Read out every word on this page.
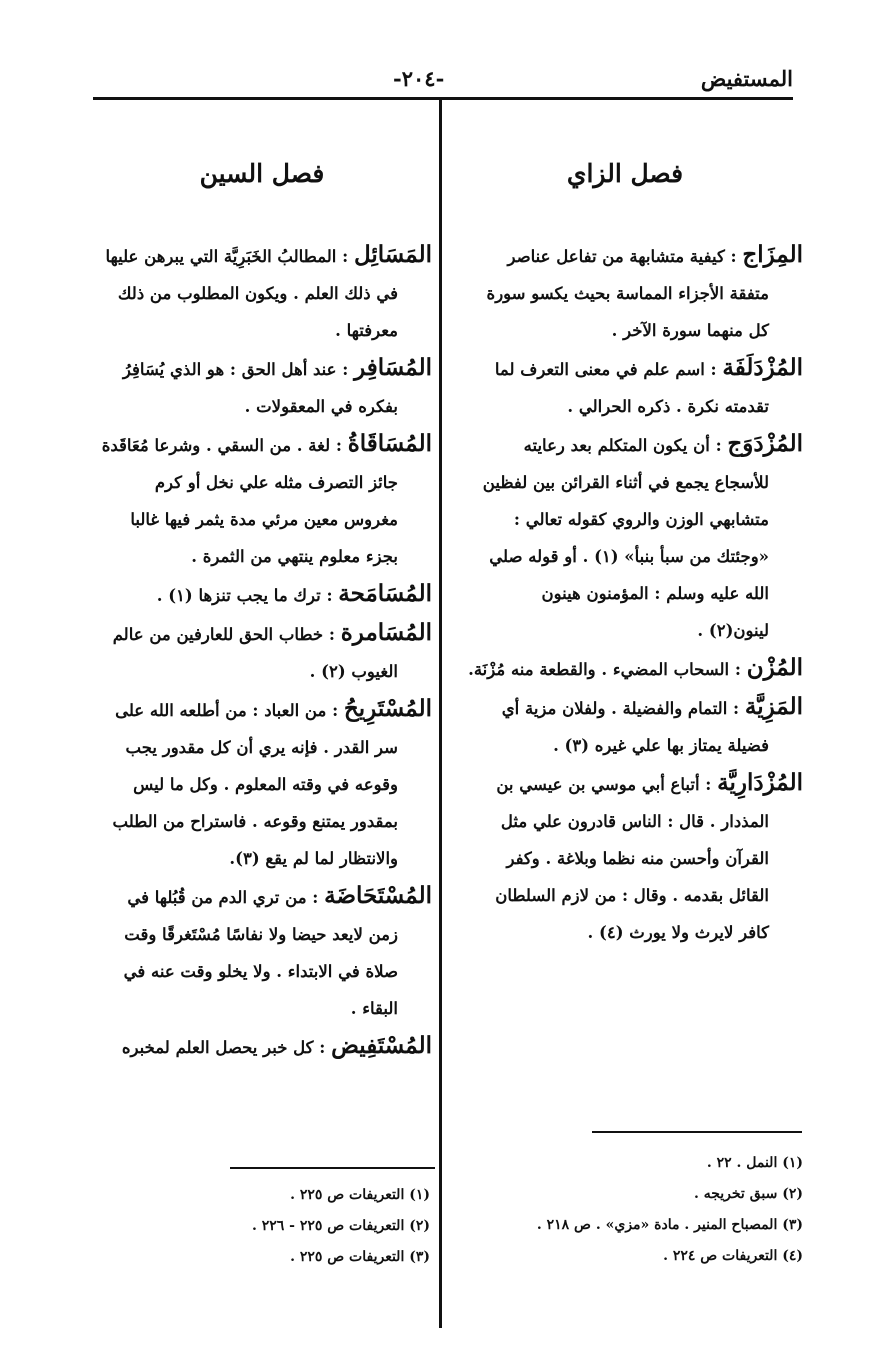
المستفيض
-٢٠٤-
فصل الزاي
المِزَاج : كيفية متشابهة من تفاعل عناصر
متفقة الأجزاء المماسة بحيث يكسو سورة
كل منهما سورة الآخر .
المُزْدَلَفَة : اسم علم في معنى التعرف لما
تقدمته نكرة . ذكره الحرالي .
المُزْدَوَج : أن يكون المتكلم بعد رعايته
للأسجاع يجمع في أثناء القرائن بين لفظين
متشابهي الوزن والروي كقوله تعالي :
«وجئتك من سبأ بنبأ» (١) . أو قوله صلي
الله عليه وسلم : المؤمنون هينون
لينون(٢) .
المُزْن : السحاب المضيء . والقطعة منه مُزْنَة.
المَزِيَّة : التمام والفضيلة . ولفلان مزية أي
فضيلة يمتاز بها علي غيره (٣) .
المُزْدَارِيَّة : أتباع أبي موسي بن عيسي بن
المذدار . قال : الناس قادرون علي مثل
القرآن وأحسن منه نظما وبلاغة . وكفر
القائل بقدمه . وقال : من لازم السلطان
كافر لايرث ولا يورث (٤) .
فصل السين
المَسَائِل : المطالبُ الخَبَرِيَّة التي يبرهن عليها
في ذلك العلم . ويكون المطلوب من ذلك
معرفتها .
المُسَافِر : عند أهل الحق : هو الذي يُسَافِرُ
بفكره في المعقولات .
المُسَاقَاةُ : لغة . من السقي . وشرعا مُعَاقَدة
جائز التصرف مثله علي نخل أو كرم
مغروس معين مرئي مدة يثمر فيها غالبا
بجزء معلوم ينتهي من الثمرة .
المُسَامَحة : ترك ما يجب تنزها (١) .
المُسَامرة : خطاب الحق للعارفين من عالم
الغيوب (٢) .
المُسْتَرِيحُ : من العباد : من أطلعه الله على
سر القدر . فإنه يري أن كل مقدور يجب
وقوعه في وقته المعلوم . وكل ما ليس
بمقدور يمتنع وقوعه . فاستراح من الطلب
والانتظار لما لم يقع (٣).
المُسْتَحَاضَة : من تري الدم من قُبُلها في
زمن لايعد حيضا ولا نفاسًا مُسْتَغرقًا وقت
صلاة في الابتداء . ولا يخلو وقت عنه في
البقاء .
المُسْتَفِيض : كل خبر يحصل العلم لمخبره
(١) النمل . ٢٢ .
(٢) سبق تخريجه .
(٣) المصباح المنير . مادة «مزي» . ص ٢١٨ .
(٤) التعريفات ص ٢٢٤ .
(١) التعريفات ص ٢٢٥ .
(٢) التعريفات ص ٢٢٥ - ٢٢٦ .
(٣) التعريفات ص ٢٢٥ .
